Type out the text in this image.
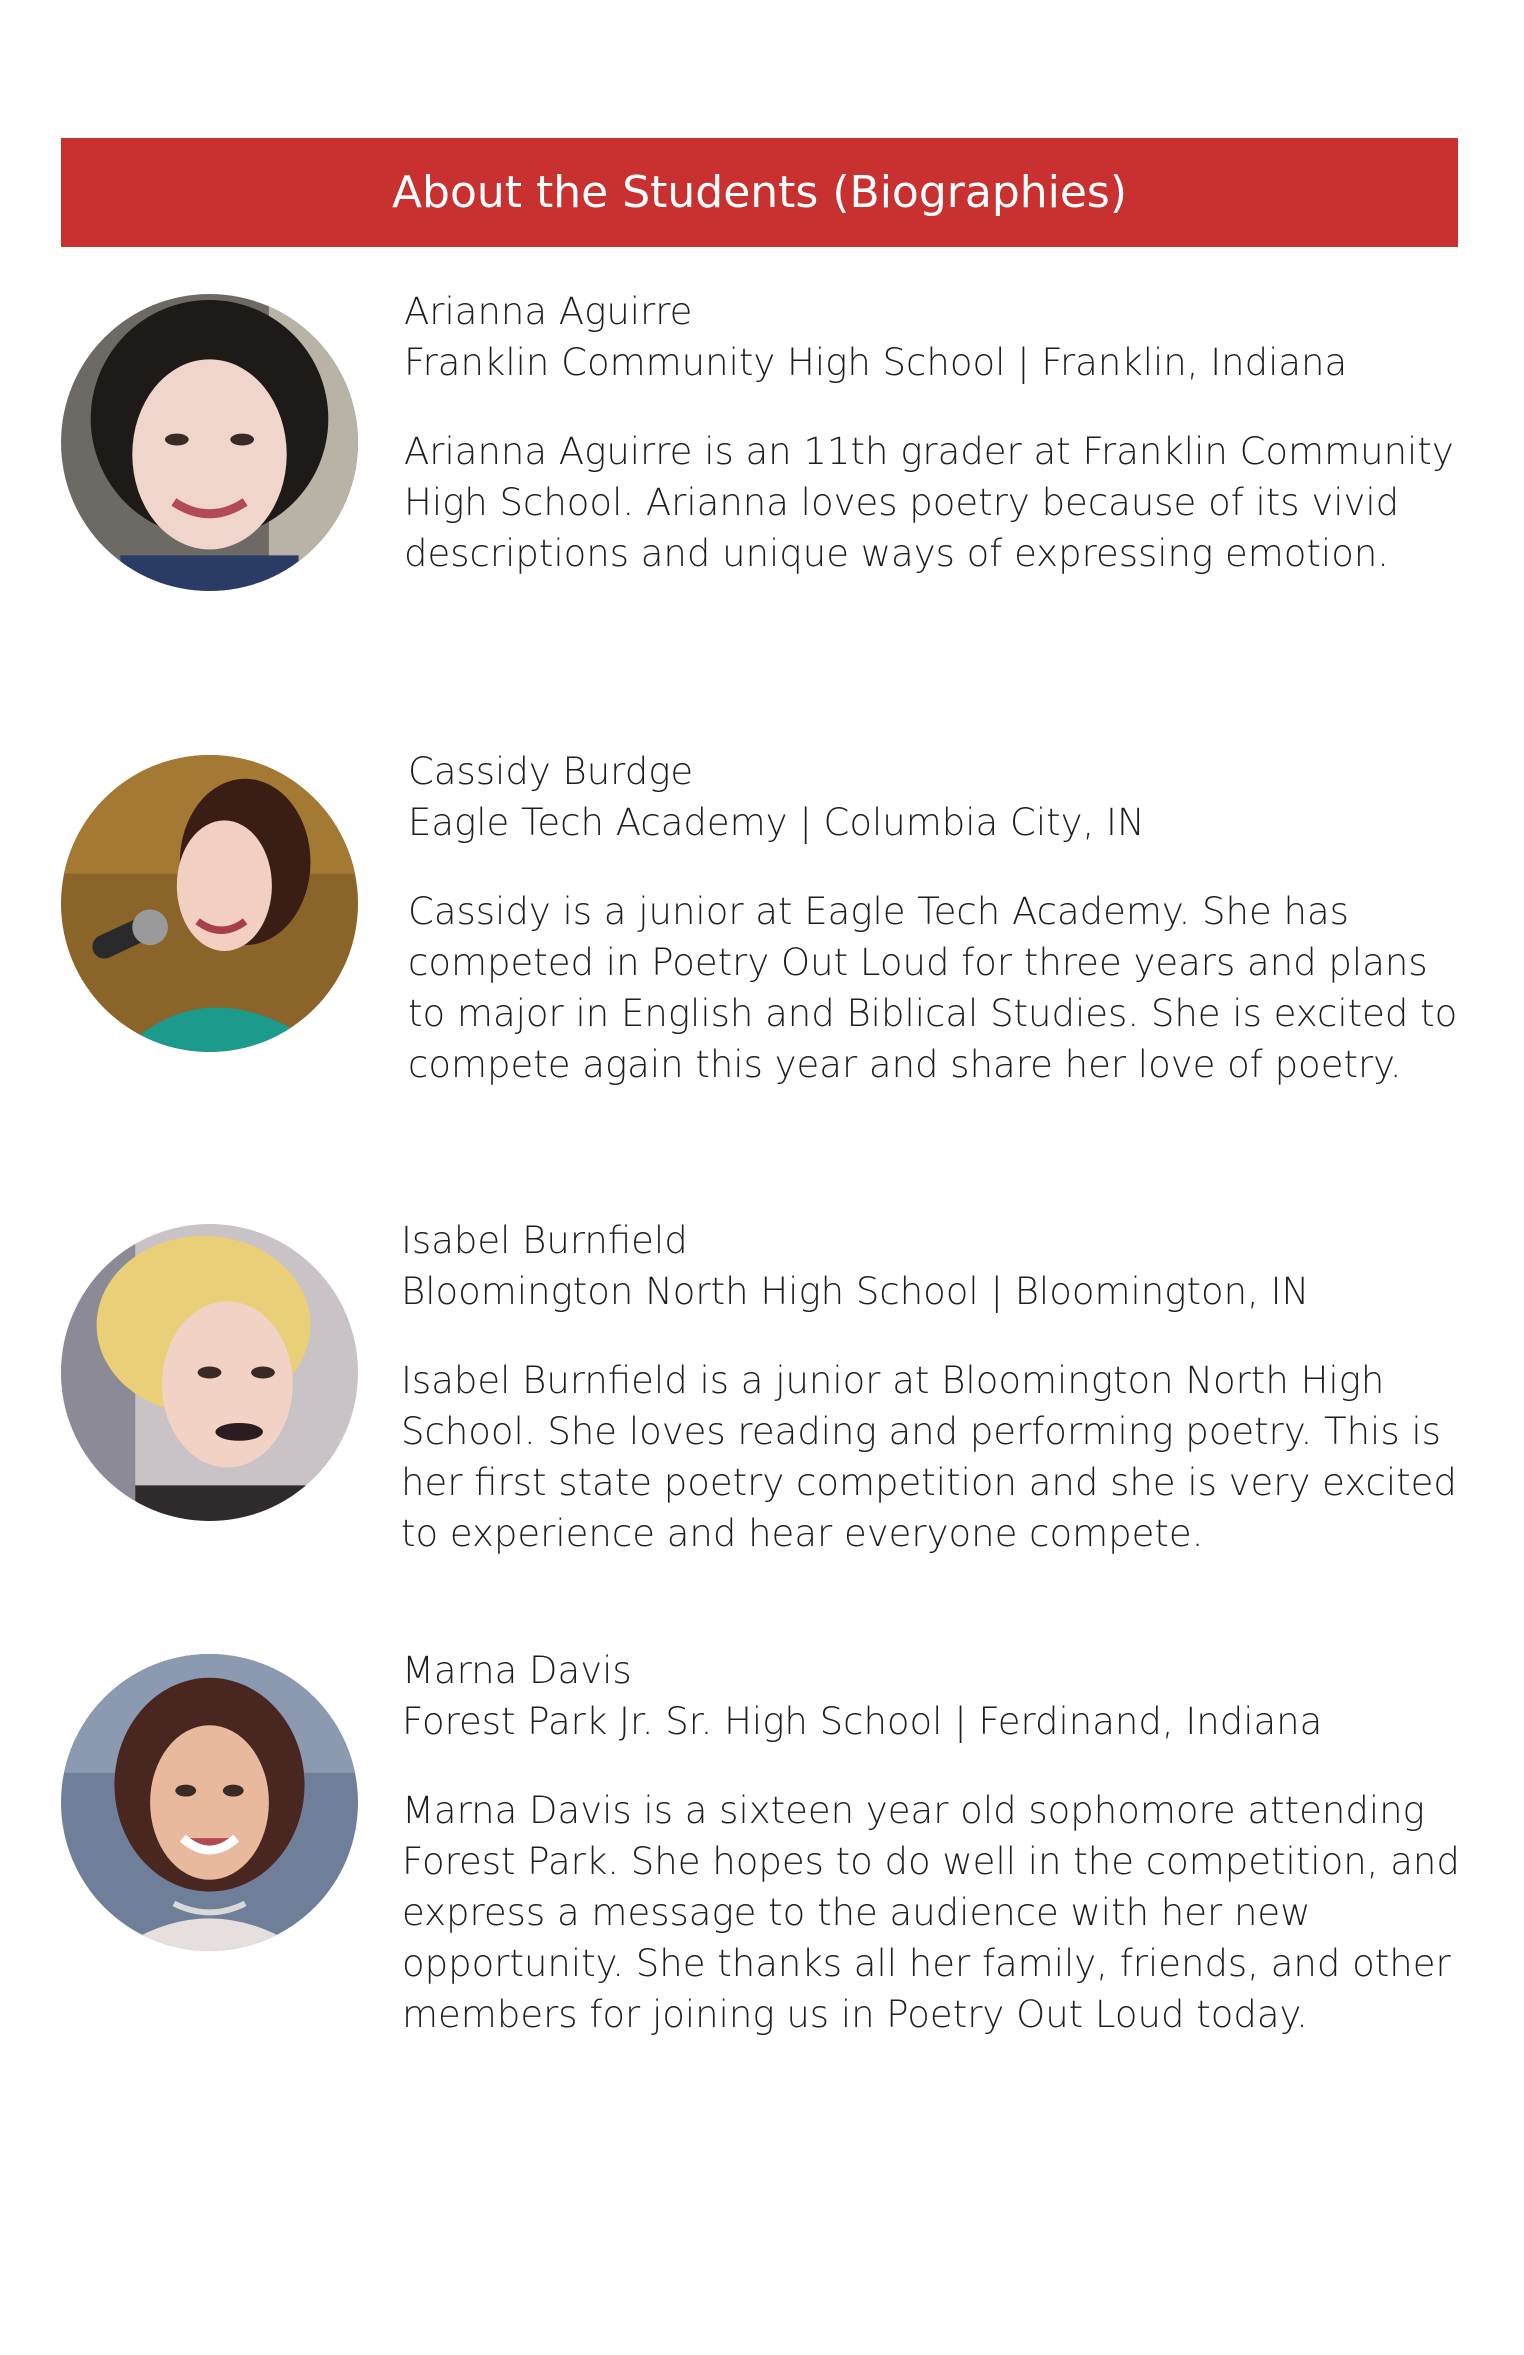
About the Students (Biographies)
Arianna Aguirre
Franklin Community High School | Franklin, Indiana
Arianna Aguirre is an 11th grader at Franklin Community High School. Arianna loves poetry because of its vivid descriptions and unique ways of expressing emotion.
Cassidy Burdge
Eagle Tech Academy | Columbia City, IN
Cassidy is a junior at Eagle Tech Academy. She has competed in Poetry Out Loud for three years and plans to major in English and Biblical Studies. She is excited to compete again this year and share her love of poetry.
Isabel Burnfield
Bloomington North High School | Bloomington, IN
Isabel Burnfield is a junior at Bloomington North High School. She loves reading and performing poetry. This is her first state poetry competition and she is very excited to experience and hear everyone compete.
Marna Davis
Forest Park Jr. Sr. High School | Ferdinand, Indiana
Marna Davis is a sixteen year old sophomore attending Forest Park. She hopes to do well in the competition, and express a message to the audience with her new opportunity. She thanks all her family, friends, and other members for joining us in Poetry Out Loud today.
